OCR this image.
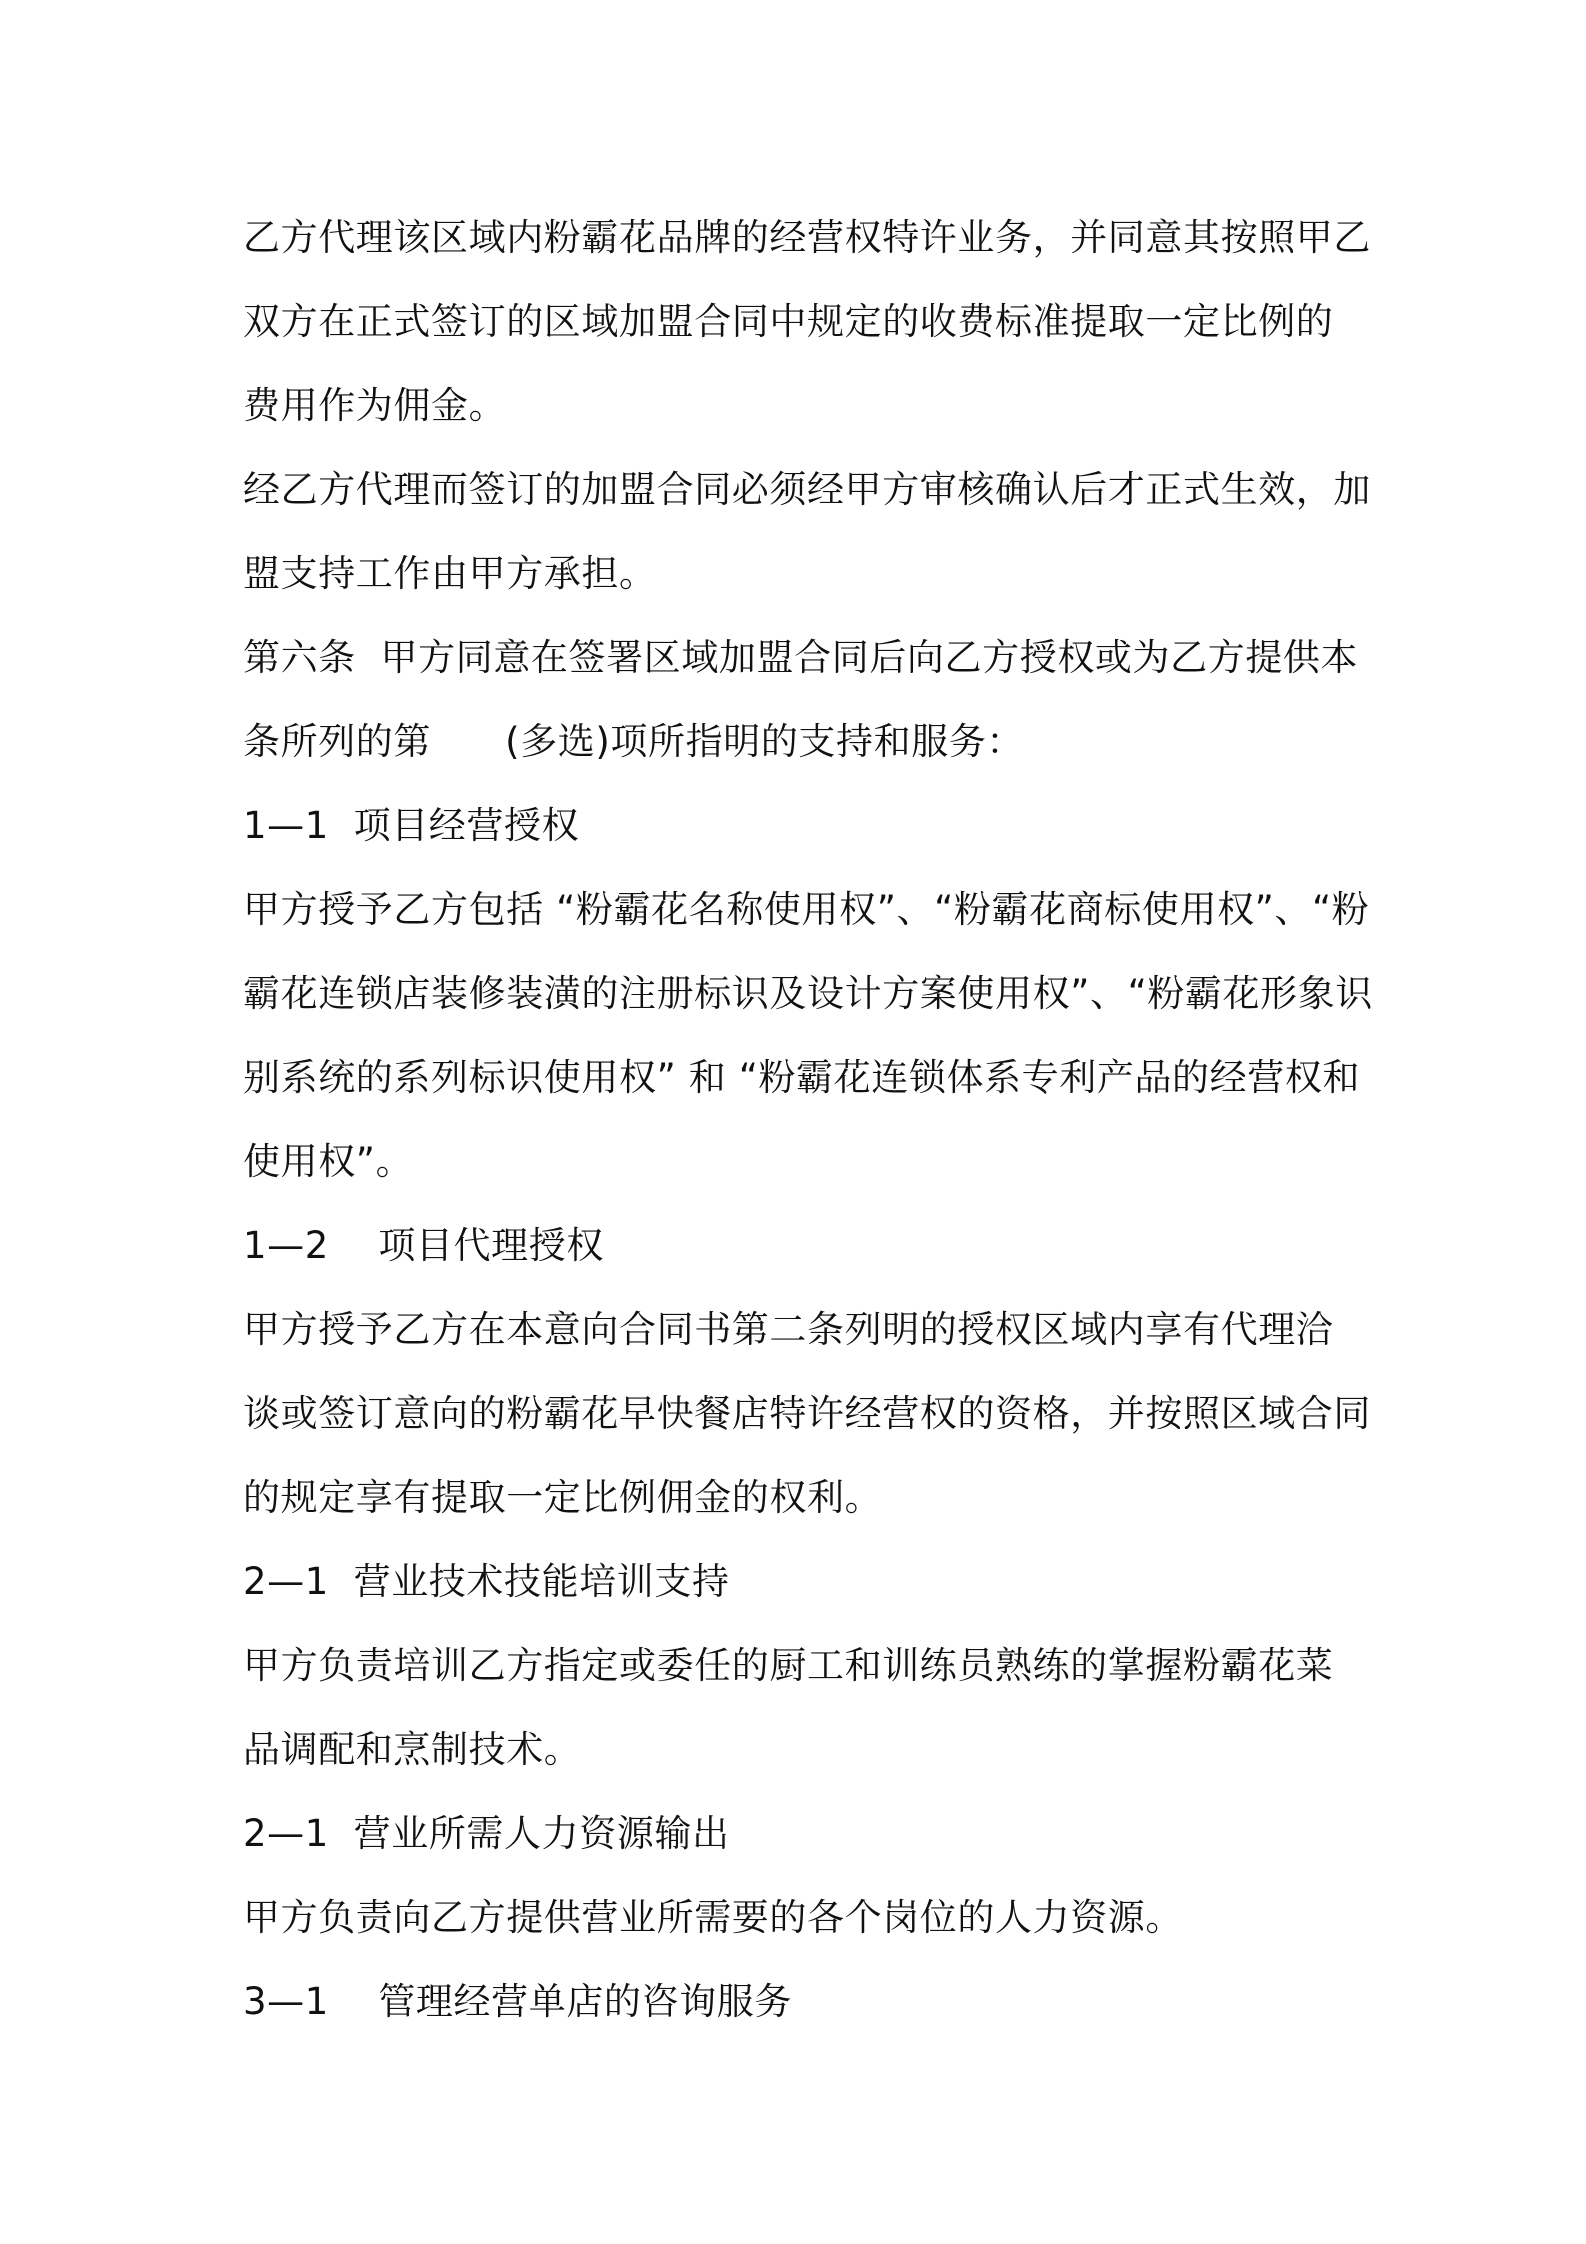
乙方代理该区域内粉霸花品牌的经营权特许业务，并同意其按照甲乙
双方在正式签订的区域加盟合同中规定的收费标准提取一定比例的
费用作为佣金。
经乙方代理而签订的加盟合同必须经甲方审核确认后才正式生效，加
盟支持工作由甲方承担。
第六条  甲方同意在签署区域加盟合同后向乙方授权或为乙方提供本
条所列的第      (多选)项所指明的支持和服务：
1—1  项目经营授权
甲方授予乙方包括 “粉霸花名称使用权”、“粉霸花商标使用权”、“粉
霸花连锁店装修装潢的注册标识及设计方案使用权”、“粉霸花形象识
别系统的系列标识使用权” 和 “粉霸花连锁体系专利产品的经营权和
使用权”。
1—2    项目代理授权
甲方授予乙方在本意向合同书第二条列明的授权区域内享有代理洽
谈或签订意向的粉霸花早快餐店特许经营权的资格，并按照区域合同
的规定享有提取一定比例佣金的权利。
2—1  营业技术技能培训支持
甲方负责培训乙方指定或委任的厨工和训练员熟练的掌握粉霸花菜
品调配和烹制技术。
2—1  营业所需人力资源输出
甲方负责向乙方提供营业所需要的各个岗位的人力资源。
3—1    管理经营单店的咨询服务
